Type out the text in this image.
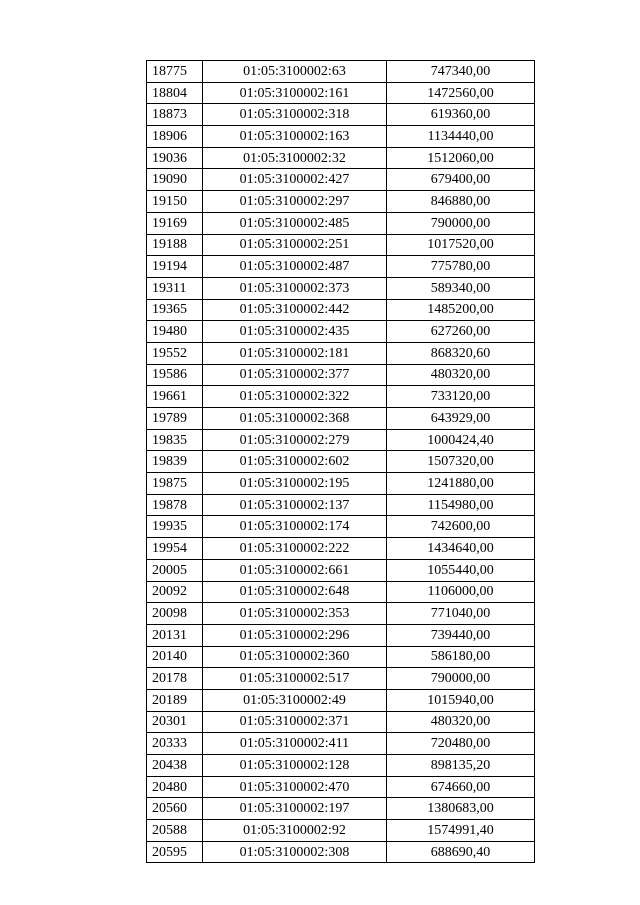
18775	01:05:3100002:63	747340,00
18804	01:05:3100002:161	1472560,00
18873	01:05:3100002:318	619360,00
18906	01:05:3100002:163	1134440,00
19036	01:05:3100002:32	1512060,00
19090	01:05:3100002:427	679400,00
19150	01:05:3100002:297	846880,00
19169	01:05:3100002:485	790000,00
19188	01:05:3100002:251	1017520,00
19194	01:05:3100002:487	775780,00
19311	01:05:3100002:373	589340,00
19365	01:05:3100002:442	1485200,00
19480	01:05:3100002:435	627260,00
19552	01:05:3100002:181	868320,60
19586	01:05:3100002:377	480320,00
19661	01:05:3100002:322	733120,00
19789	01:05:3100002:368	643929,00
19835	01:05:3100002:279	1000424,40
19839	01:05:3100002:602	1507320,00
19875	01:05:3100002:195	1241880,00
19878	01:05:3100002:137	1154980,00
19935	01:05:3100002:174	742600,00
19954	01:05:3100002:222	1434640,00
20005	01:05:3100002:661	1055440,00
20092	01:05:3100002:648	1106000,00
20098	01:05:3100002:353	771040,00
20131	01:05:3100002:296	739440,00
20140	01:05:3100002:360	586180,00
20178	01:05:3100002:517	790000,00
20189	01:05:3100002:49	1015940,00
20301	01:05:3100002:371	480320,00
20333	01:05:3100002:411	720480,00
20438	01:05:3100002:128	898135,20
20480	01:05:3100002:470	674660,00
20560	01:05:3100002:197	1380683,00
20588	01:05:3100002:92	1574991,40
20595	01:05:3100002:308	688690,40
